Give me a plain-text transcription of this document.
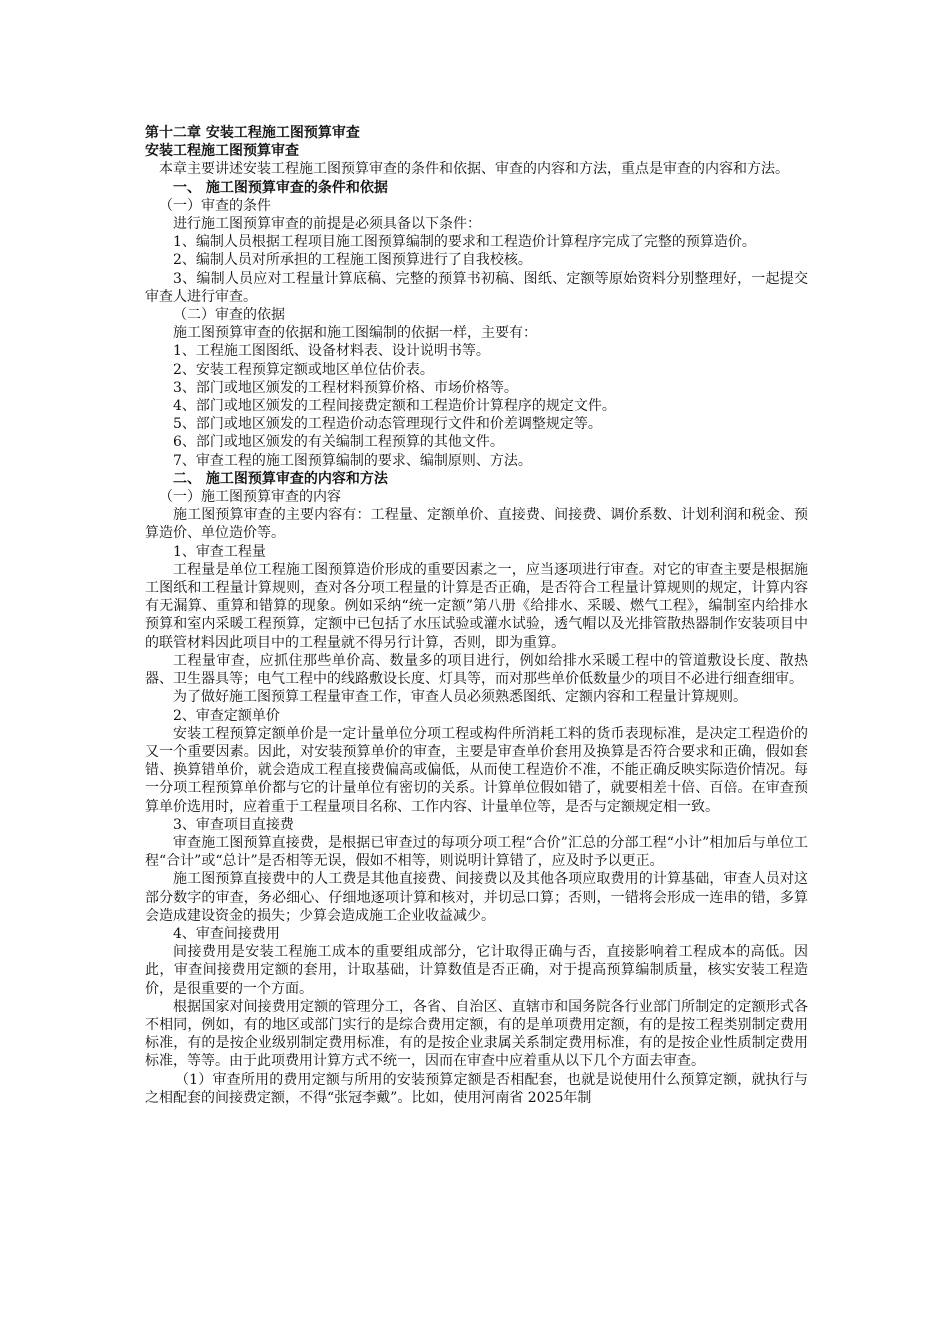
第十二章 安装工程施工图预算审查

安装工程施工图预算审查

本章主要讲述安装工程施工图预算审查的条件和依据、审查的内容和方法，重点是审查的内容和方法。

一、 施工图预算审查的条件和依据

（一）审查的条件

进行施工图预算审查的前提是必须具备以下条件：

1、编制人员根据工程项目施工图预算编制的要求和工程造价计算程序完成了完整的预算造价。

2、编制人员对所承担的工程施工图预算进行了自我校核。

3、编制人员应对工程量计算底稿、完整的预算书初稿、图纸、定额等原始资料分别整理好，一起提交审查人进行审查。

（二）审查的依据

施工图预算审查的依据和施工图编制的依据一样，主要有：

1、工程施工图图纸、设备材料表、设计说明书等。

2、安装工程预算定额或地区单位估价表。

3、部门或地区颁发的工程材料预算价格、市场价格等。

4、部门或地区颁发的工程间接费定额和工程造价计算程序的规定文件。

5、部门或地区颁发的工程造价动态管理现行文件和价差调整规定等。

6、部门或地区颁发的有关编制工程预算的其他文件。

7、审查工程的施工图预算编制的要求、编制原则、方法。

二、 施工图预算审查的内容和方法

（一）施工图预算审查的内容

施工图预算审查的主要内容有：工程量、定额单价、直接费、间接费、调价系数、计划利润和税金、预算造价、单位造价等。

1、审查工程量

工程量是单位工程施工图预算造价形成的重要因素之一，应当逐项进行审查。对它的审查主要是根据施工图纸和工程量计算规则，查对各分项工程量的计算是否正确，是否符合工程量计算规则的规定，计算内容有无漏算、重算和错算的现象。例如采纳“统一定额”第八册《给排水、采暖、燃气工程》，编制室内给排水预算和室内采暖工程预算，定额中已包括了水压试验或灌水试验，透气帽以及光排管散热器制作安装项目中的联管材料因此项目中的工程量就不得另行计算，否则，即为重算。

工程量审查，应抓住那些单价高、数量多的项目进行，例如给排水采暖工程中的管道敷设长度、散热器、卫生器具等；电气工程中的线路敷设长度、灯具等，而对那些单价低数量少的项目不必进行细查细审。

为了做好施工图预算工程量审查工作，审查人员必须熟悉图纸、定额内容和工程量计算规则。

2、审查定额单价

安装工程预算定额单价是一定计量单位分项工程或构件所消耗工料的货币表现标准，是决定工程造价的又一个重要因素。因此，对安装预算单价的审查，主要是审查单价套用及换算是否符合要求和正确，假如套错、换算错单价，就会造成工程直接费偏高或偏低，从而使工程造价不准，不能正确反映实际造价情况。每一分项工程预算单价都与它的计量单位有密切的关系。计算单位假如错了，就要相差十倍、百倍。在审查预算单价选用时，应着重于工程量项目名称、工作内容、计量单位等，是否与定额规定相一致。

3、审查项目直接费

审查施工图预算直接费，是根据已审查过的每项分项工程“合价”汇总的分部工程“小计”相加后与单位工程“合计”或“总计”是否相等无误，假如不相等，则说明计算错了，应及时予以更正。

施工图预算直接费中的人工费是其他直接费、间接费以及其他各项应取费用的计算基础，审查人员对这部分数字的审查，务必细心、仔细地逐项计算和核对，并切忌口算；否则，一错将会形成一连串的错，多算会造成建设资金的损失；少算会造成施工企业收益减少。

4、审查间接费用

间接费用是安装工程施工成本的重要组成部分，它计取得正确与否，直接影响着工程成本的高低。因此，审查间接费用定额的套用，计取基础，计算数值是否正确，对于提高预算编制质量，核实安装工程造价，是很重要的一个方面。

根据国家对间接费用定额的管理分工，各省、自治区、直辖市和国务院各行业部门所制定的定额形式各不相同，例如，有的地区或部门实行的是综合费用定额，有的是单项费用定额，有的是按工程类别制定费用标准，有的是按企业级别制定费用标准，有的是按企业隶属关系制定费用标准，有的是按企业性质制定费用标准，等等。由于此项费用计算方式不统一，因而在审查中应着重从以下几个方面去审查。

（1）审查所用的费用定额与所用的安装预算定额是否相配套，也就是说使用什么预算定额，就执行与之相配套的间接费定额，不得“张冠李戴”。比如，使用河南省 2025年制
